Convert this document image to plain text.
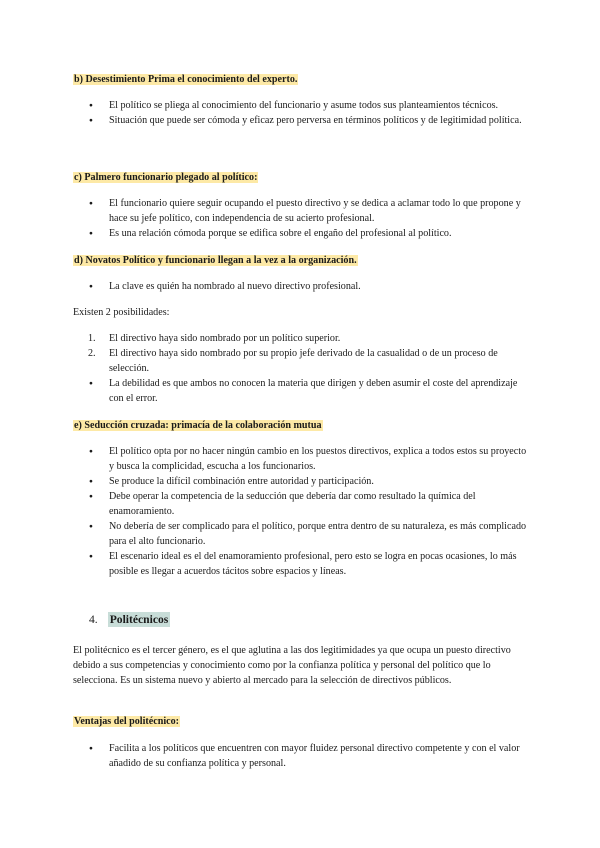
b) Desestimiento Prima el conocimiento del experto.
● El político se pliega al conocimiento del funcionario y asume todos sus planteamientos técnicos.
● Situación que puede ser cómoda y eficaz pero perversa en términos políticos y de legitimidad política.
c) Palmero funcionario plegado al político:
● El funcionario quiere seguir ocupando el puesto directivo y se dedica a aclamar todo lo que propone y hace su jefe político, con independencia de su acierto profesional.
● Es una relación cómoda porque se edifica sobre el engaño del profesional al político.
d) Novatos Político y funcionario llegan a la vez a la organización.
● La clave es quién ha nombrado al nuevo directivo profesional.
Existen 2 posibilidades:
1. El directivo haya sido nombrado por un político superior.
2. El directivo haya sido nombrado por su propio jefe derivado de la casualidad o de un proceso de selección.
● La debilidad es que ambos no conocen la materia que dirigen y deben asumir el coste del aprendizaje con el error.
e) Seducción cruzada: primacía de la colaboración mutua
● El político opta por no hacer ningún cambio en los puestos directivos, explica a todos estos su proyecto y busca la complicidad, escucha a los funcionarios.
● Se produce la difícil combinación entre autoridad y participación.
● Debe operar la competencia de la seducción que debería dar como resultado la química del enamoramiento.
● No debería de ser complicado para el político, porque entra dentro de su naturaleza, es más complicado para el alto funcionario.
● El escenario ideal es el del enamoramiento profesional, pero esto se logra en pocas ocasiones, lo más posible es llegar a acuerdos tácitos sobre espacios y líneas.
4. Politécnicos
El politécnico es el tercer género, es el que aglutina a las dos legitimidades ya que ocupa un puesto directivo debido a sus competencias y conocimiento como por la confianza política y personal del político que lo selecciona. Es un sistema nuevo y abierto al mercado para la selección de directivos públicos.
Ventajas del politécnico:
● Facilita a los políticos que encuentren con mayor fluidez personal directivo competente y con el valor añadido de su confianza política y personal.
